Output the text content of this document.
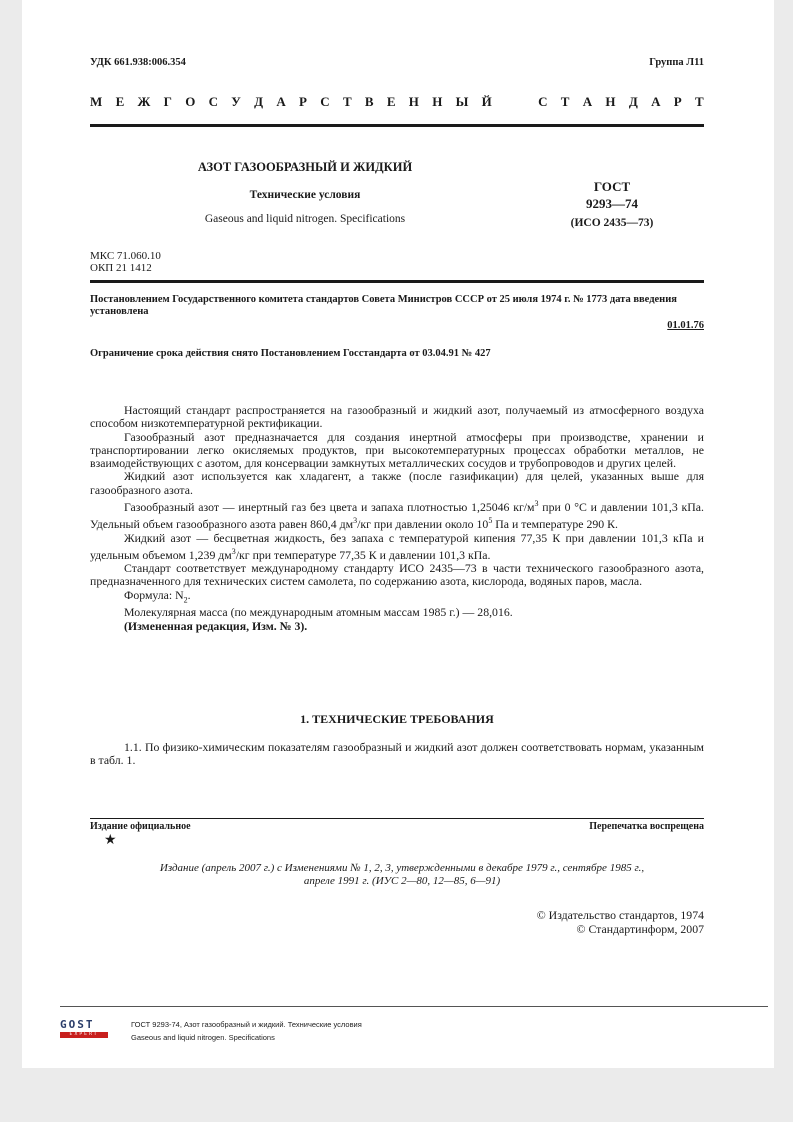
УДК 661.938:006.354	Группа Л11
М Е Ж Г О С У Д А Р С Т В Е Н Н Ы Й

	С Т А Н Д А Р Т
АЗОТ ГАЗООБРАЗНЫЙ И ЖИДКИЙ
Технические условия
Gaseous and liquid nitrogen. Specifications
ГОСТ
9293—74
(ИСО 2435—73)
МКС 71.060.10
ОКП 21 1412
Постановлением Государственного комитета стандартов Совета Министров СССР от 25 июля 1974 г. № 1773 дата введения установлена
01.01.76
Ограничение срока действия снято Постановлением Госстандарта от 03.04.91 № 427

Настоящий стандарт распространяется на газообразный и жидкий азот, получаемый из атмосферного воздуха способом низкотемпературной ректификации.

Газообразный азот предназначается для создания инертной атмосферы при производстве, хранении и транспортировании легко окисляемых продуктов, при высокотемпературных процессах обработки металлов, не взаимодействующих с азотом, для консервации замкнутых металлических сосудов и трубопроводов и других целей.

Жидкий азот используется как хладагент, а также (после газификации) для целей, указанных выше для газообразного азота.

Газообразный азот — инертный газ без цвета и запаха плотностью 1,25046 $кг/м^3$ при 0 °С и давлении 101,3 кПа. Удельный объем газообразного азота равен 860,4 $дм^3/кг$ при давлении около $10^5$ Па и температуре 290 К.

Жидкий азот — бесцветная жидкость, без запаха с температурой кипения 77,35 К при давлении 101,3 кПа и удельным объемом 1,239 $дм^3/кг$ при температуре 77,35 К и давлении 101,3 кПа.

Стандарт соответствует международному стандарту ИСО 2435—73 в части технического газообразного азота, предназначенного для технических систем самолета, по содержанию азота, кислорода, водяных паров, масла.

Формула: $N_2$.

Молекулярная масса (по международным атомным массам 1985 г.) — 28,016.

(Измененная редакция, Изм. № 3).

1. ТЕХНИЧЕСКИЕ ТРЕБОВАНИЯ

1.1. По физико-химическим показателям газообразный и жидкий азот должен соответствовать нормам, указанным в табл. 1.

Издание официальное	Перепечатка воспрещена
★
Издание (апрель 2007 г.) с Изменениями № 1, 2, 3, утвержденными в декабре 1979 г., сентябре 1985 г.,
апреле 1991 г. (ИУС 2—80, 12—85, 6—91)
© Издательство стандартов, 1974
© Стандартинформ, 2007
GOST
EXPERT
ГОСТ 9293-74, Азот газообразный и жидкий. Технические условия
Gaseous and liquid nitrogen. Specifications
